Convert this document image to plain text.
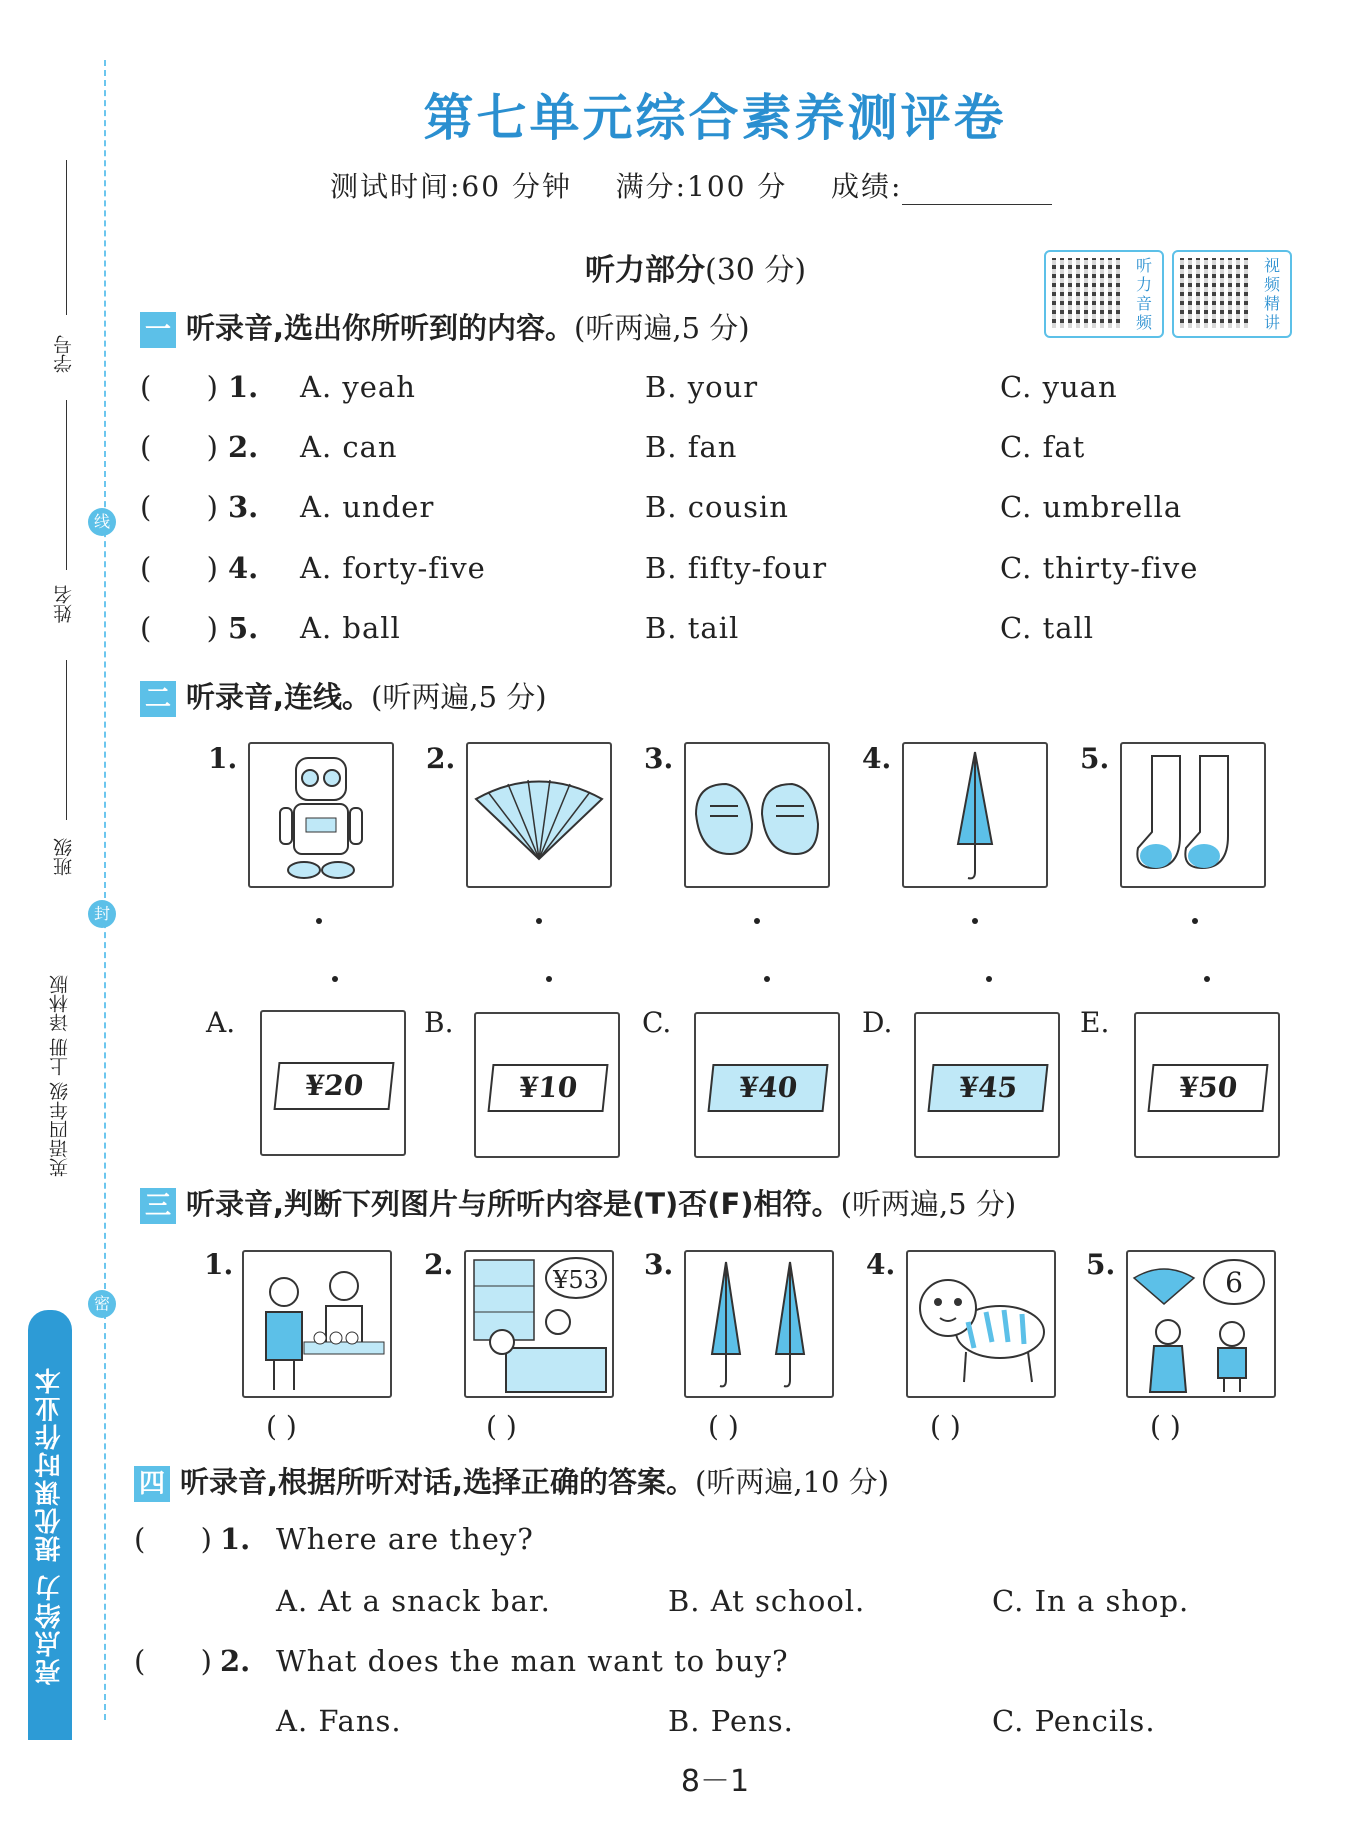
学号
线
姓名
班级
封
英语四年级 上册 译林版
密
亮点给力 提优课时作业本
第七单元综合素养测评卷
测试时间:60 分钟 满分:100 分 成绩:
听力部分(30 分)	听力音频
视频精讲
一 听录音,选出你所听到的内容。(听两遍,5 分)
(      ) 1. A. yeah	B. your	C. yuan
(      ) 2. A. can	B. fan	C. fat
(      ) 3. A. under	B. cousin	C. umbrella
(      ) 4. A. forty-five	B. fifty-four	C. thirty-five
(      ) 5. A. ball	B. tail	C. tall
二 听录音,连线。(听两遍,5 分)
1.	2.	3.	4.	5.
A.
¥20
B.
¥10
C.
¥40
D.
¥45
E.
¥50
三 听录音,判断下列图片与所听内容是(T)否(F)相符。(听两遍,5 分)
1.	2.	¥53 3.	4.	5.
6
( )	( )	( )	( )	( )
四 听录音,根据所听对话,选择正确的答案。(听两遍,10 分)
(      ) 1. Where are they?
A. At a snack bar.	B. At school.	C. In a shop.
(      ) 2. What does the man want to buy?
A. Fans.	B. Pens.	C. Pencils.
8－1
